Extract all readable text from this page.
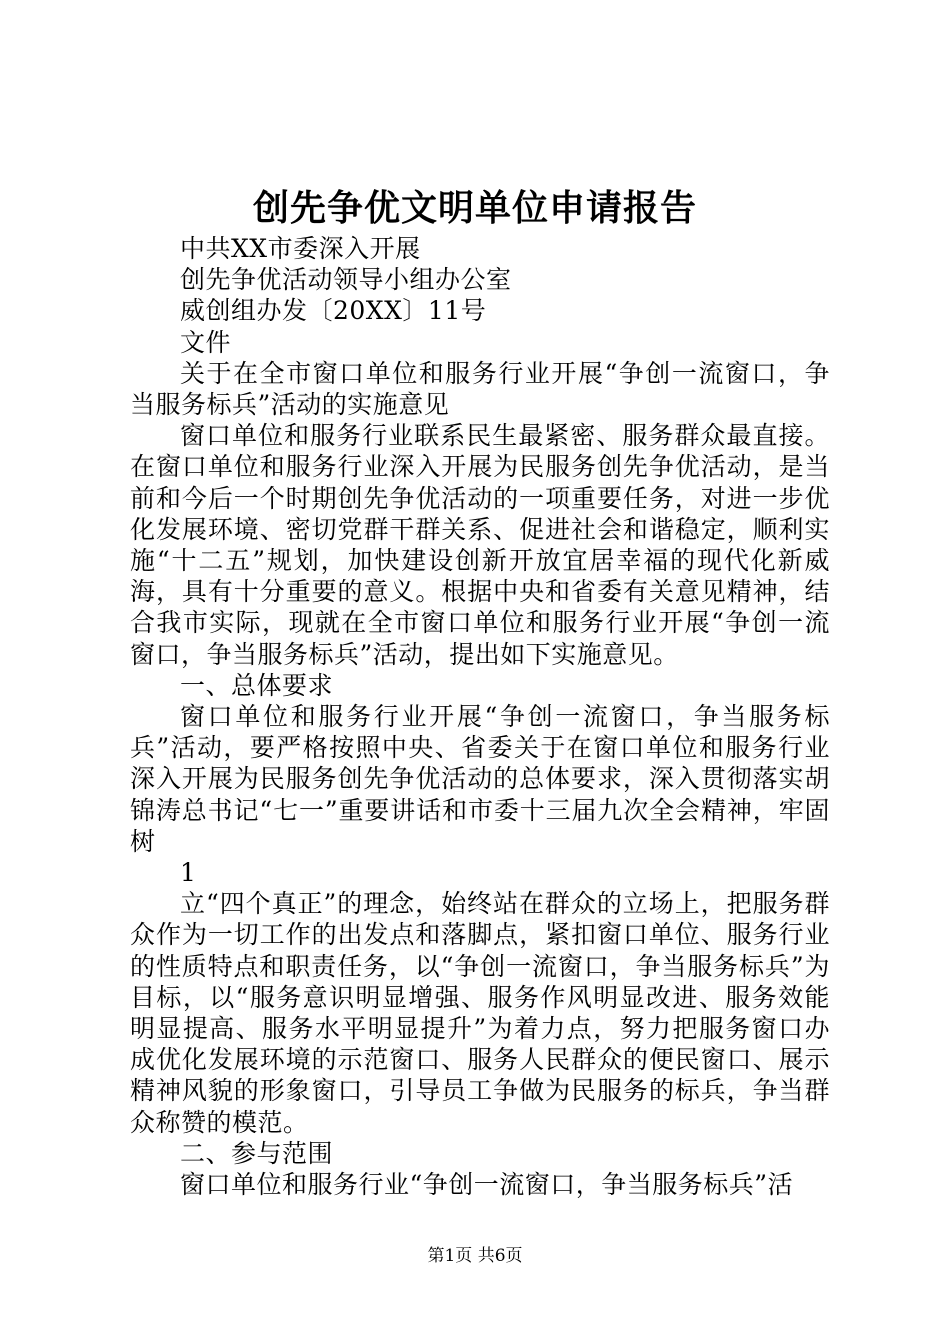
创先争优文明单位申请报告

中共XX市委深入开展

创先争优活动领导小组办公室

威创组办发〔20XX〕11号

文件

关于在全市窗口单位和服务行业开展“争创一流窗口，争当服务标兵”活动的实施意见

窗口单位和服务行业联系民生最紧密、服务群众最直接。在窗口单位和服务行业深入开展为民服务创先争优活动，是当前和今后一个时期创先争优活动的一项重要任务，对进一步优化发展环境、密切党群干群关系、促进社会和谐稳定，顺利实施“十二五”规划，加快建设创新开放宜居幸福的现代化新威海，具有十分重要的意义。根据中央和省委有关意见精神，结合我市实际，现就在全市窗口单位和服务行业开展“争创一流窗口，争当服务标兵”活动，提出如下实施意见。

一、总体要求

窗口单位和服务行业开展“争创一流窗口，争当服务标兵”活动，要严格按照中央、省委关于在窗口单位和服务行业深入开展为民服务创先争优活动的总体要求，深入贯彻落实胡锦涛总书记“七一”重要讲话和市委十三届九次全会精神，牢固树

1

立“四个真正”的理念，始终站在群众的立场上，把服务群众作为一切工作的出发点和落脚点，紧扣窗口单位、服务行业的性质特点和职责任务，以“争创一流窗口，争当服务标兵”为目标，以“服务意识明显增强、服务作风明显改进、服务效能明显提高、服务水平明显提升”为着力点，努力把服务窗口办成优化发展环境的示范窗口、服务人民群众的便民窗口、展示精神风貌的形象窗口，引导员工争做为民服务的标兵，争当群众称赞的模范。

二、参与范围

窗口单位和服务行业“争创一流窗口，争当服务标兵”活

第1页 共6页
